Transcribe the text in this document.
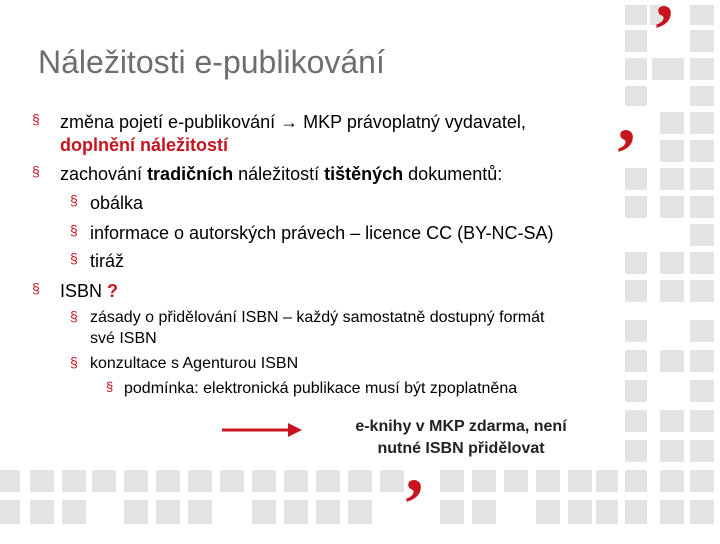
’
’
’
Náležitosti e-publikování
§ změna pojetí e-publikování → MKP právoplatný vydavatel,
doplnění náležitostí
§ zachování tradičních náležitostí tištěných dokumentů:
§ obálka
§ informace o autorských právech – licence CC (BY-NC-SA)
§ tiráž
§ ISBN ?
§ zásady o přidělování ISBN – každý samostatně dostupný formát
své ISBN
§ konzultace s Agenturou ISBN
§ podmínka: elektronická publikace musí být zpoplatněna
e-knihy v MKP zdarma, není
nutné ISBN přidělovat
